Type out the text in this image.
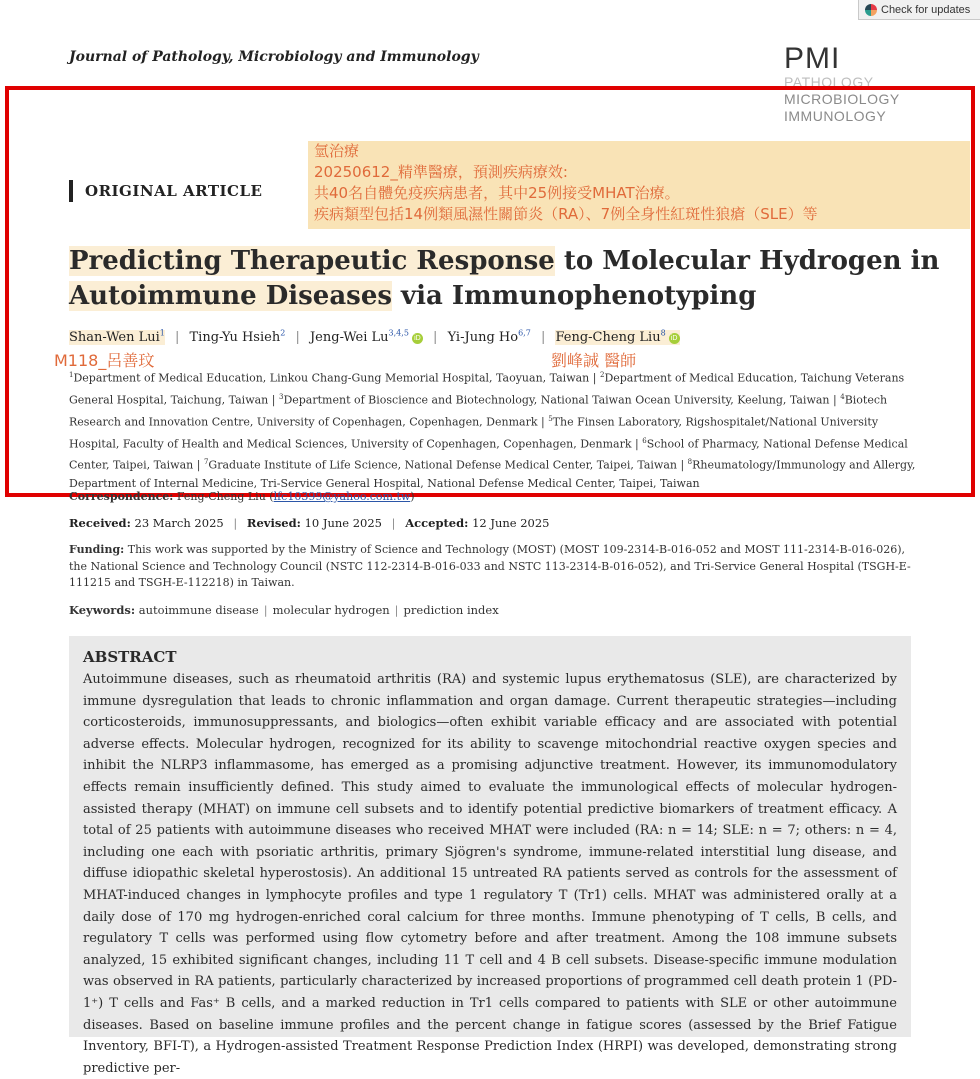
Check for updates
Journal of Pathology, Microbiology and Immunology	PMI
PATHOLOGY
MICROBIOLOGY
IMMUNOLOGY
ORIGINAL ARTICLE
氫治療
20250612_精準醫療，預測疾病療效:
共40名自體免疫疾病患者，其中25例接受MHAT治療。
疾病類型包括14例類風濕性關節炎（RA）、7例全身性紅斑性狼瘡（SLE）等
Predicting Therapeutic Response to Molecular Hydrogen in
Autoimmune Diseases via Immunophenotyping
Shan-Wen Lui$^1$ | Ting-Yu Hsieh$^2$ | Jeng-Wei Lu$^{3,4,5}$iD | Yi-Jung Ho$^{6,7}$ | Feng-Cheng Liu$^8$iD
M118_呂善玟	劉峰誠 醫師
$^1$Department of Medical Education, Linkou Chang-Gung Memorial Hospital, Taoyuan, Taiwan | $^2$Department of Medical Education, Taichung Veterans General Hospital, Taichung, Taiwan | $^3$Department of Bioscience and Biotechnology, National Taiwan Ocean University, Keelung, Taiwan | $^4$Biotech Research and Innovation Centre, University of Copenhagen, Copenhagen, Denmark | $^5$The Finsen Laboratory, Rigshospitalet/National University Hospital, Faculty of Health and Medical Sciences, University of Copenhagen, Copenhagen, Denmark | $^6$School of Pharmacy, National Defense Medical Center, Taipei, Taiwan | $^7$Graduate Institute of Life Science, National Defense Medical Center, Taipei, Taiwan | $^8$Rheumatology/Immunology and Allergy, Department of Internal Medicine, Tri-Service General Hospital, National Defense Medical Center, Taipei, Taiwan
Correspondence: Feng-Cheng Liu (lfc10399@yahoo.com.tw)
Received: 23 March 2025 | Revised: 10 June 2025 | Accepted: 12 June 2025
Funding: This work was supported by the Ministry of Science and Technology (MOST) (MOST 109-2314-B-016-052 and MOST 111-2314-B-016-026), the National Science and Technology Council (NSTC 112-2314-B-016-033 and NSTC 113-2314-B-016-052), and Tri-Service General Hospital (TSGH-E-111215 and TSGH-E-112218) in Taiwan.
Keywords: autoimmune disease | molecular hydrogen | prediction index
ABSTRACT

Autoimmune diseases, such as rheumatoid arthritis (RA) and systemic lupus erythematosus (SLE), are characterized by immune dysregulation that leads to chronic inflammation and organ damage. Current therapeutic strategies—including corticosteroids, immunosuppressants, and biologics—often exhibit variable efficacy and are associated with potential adverse effects. Molecular hydrogen, recognized for its ability to scavenge mitochondrial reactive oxygen species and inhibit the NLRP3 inflammasome, has emerged as a promising adjunctive treatment. However, its immunomodulatory effects remain insufficiently defined. This study aimed to evaluate the immunological effects of molecular hydrogen-assisted therapy (MHAT) on immune cell subsets and to identify potential predictive biomarkers of treatment efficacy. A total of 25 patients with autoimmune diseases who received MHAT were included (RA: n = 14; SLE: n = 7; others: n = 4, including one each with psoriatic arthritis, primary Sjögren's syndrome, immune-related interstitial lung disease, and diffuse idiopathic skeletal hyperostosis). An additional 15 untreated RA patients served as controls for the assessment of MHAT-induced changes in lymphocyte profiles and type 1 regulatory T (Tr1) cells. MHAT was administered orally at a daily dose of 170 mg hydrogen-enriched coral calcium for three months. Immune phenotyping of T cells, B cells, and regulatory T cells was performed using flow cytometry before and after treatment. Among the 108 immune subsets analyzed, 15 exhibited significant changes, including 11 T cell and 4 B cell subsets. Disease-specific immune modulation was observed in RA patients, particularly characterized by increased proportions of programmed cell death protein 1 (PD-1⁺) T cells and Fas⁺ B cells, and a marked reduction in Tr1 cells compared to patients with SLE or other autoimmune diseases. Based on baseline immune profiles and the percent change in fatigue scores (assessed by the Brief Fatigue Inventory, BFI-T), a Hydrogen-assisted Treatment Response Prediction Index (HRPI) was developed, demonstrating strong predictive per-
